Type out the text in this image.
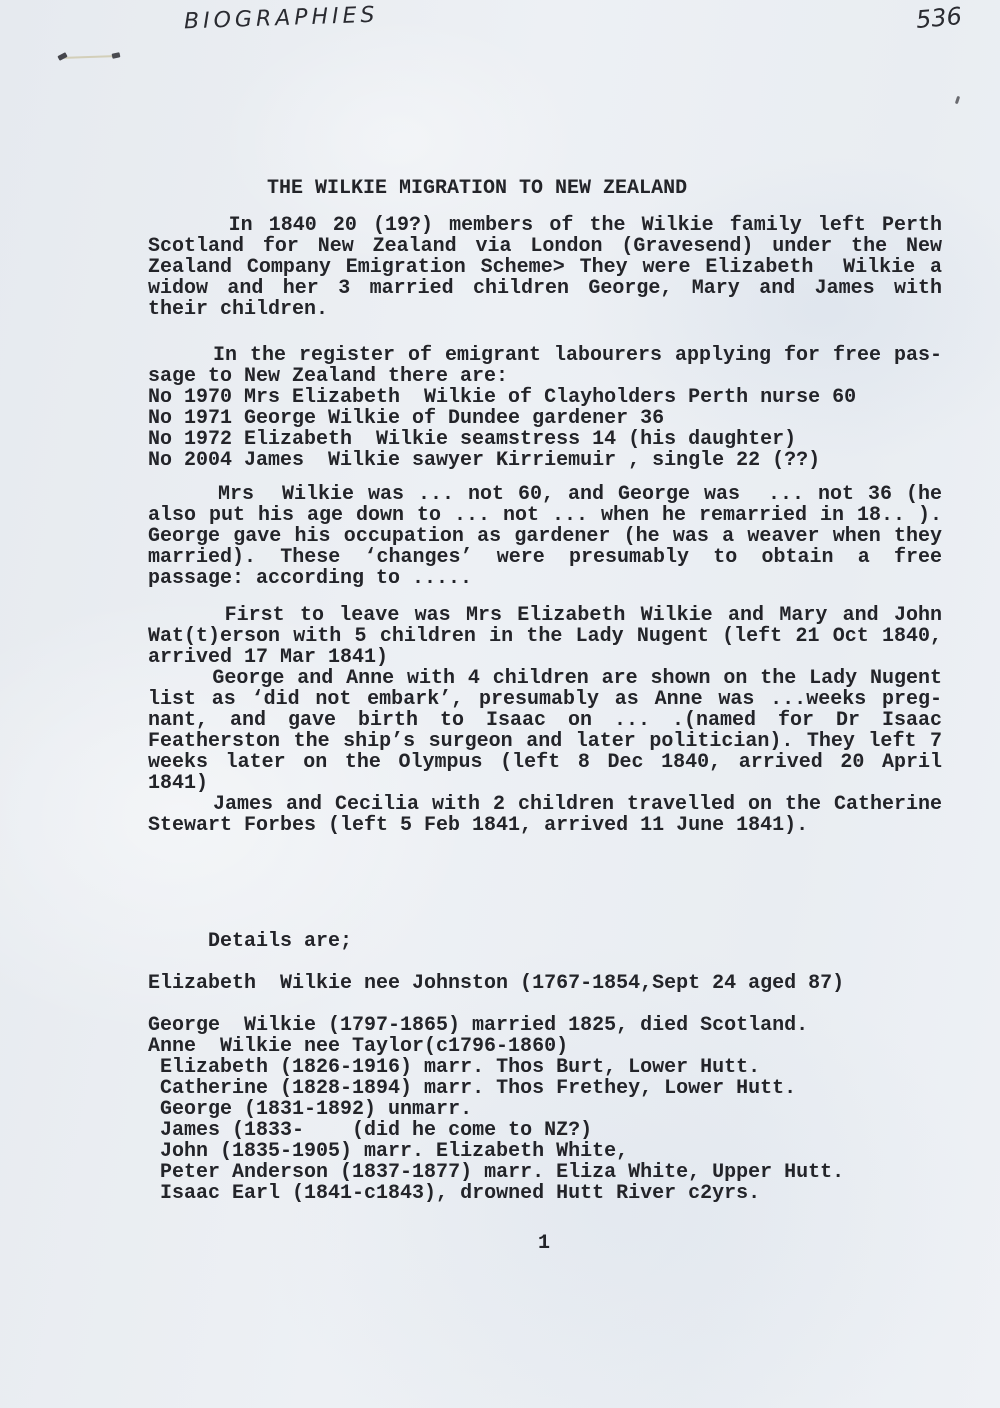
BIOGRAPHIES	536
THE WILKIE MIGRATION TO NEW ZEALAND
In 1840 20 (19?) members of the Wilkie family left Perth
Scotland for New Zealand via London (Gravesend) under the New
Zealand Company Emigration Scheme> They were Elizabeth  Wilkie a
widow and her 3 married children George, Mary and James with
their children.
In the register of emigrant labourers applying for free pas-
sage to New Zealand there are:
No 1970 Mrs Elizabeth  Wilkie of Clayholders Perth nurse 60
No 1971 George Wilkie of Dundee gardener 36
No 1972 Elizabeth  Wilkie seamstress 14 (his daughter)
No 2004 James  Wilkie sawyer Kirriemuir , single 22 (??)
Mrs  Wilkie was ... not 60, and George was  ... not 36 (he
also put his age down to ... not ... when he remarried in 18.. ).
George gave his occupation as gardener (he was a weaver when they
married). These ‘changes’ were presumably to obtain a free
passage: according to .....
First to leave was Mrs Elizabeth Wilkie and Mary and John
Wat(t)erson with 5 children in the Lady Nugent (left 21 Oct 1840,
arrived 17 Mar 1841)
George and Anne with 4 children are shown on the Lady Nugent
list as ‘did not embark’, presumably as Anne was ...weeks preg-
nant, and gave birth to Isaac on ... .(named for Dr Isaac
Featherston the ship’s surgeon and later politician). They left 7
weeks later on the Olympus (left 8 Dec 1840, arrived 20 April
1841)
James and Cecilia with 2 children travelled on the Catherine
Stewart Forbes (left 5 Feb 1841, arrived 11 June 1841).
Details are;
Elizabeth  Wilkie nee Johnston (1767-1854,Sept 24 aged 87)
George  Wilkie (1797-1865) married 1825, died Scotland.
Anne  Wilkie nee Taylor(c1796-1860)
Elizabeth (1826-1916) marr. Thos Burt, Lower Hutt.
Catherine (1828-1894) marr. Thos Frethey, Lower Hutt.
George (1831-1892) unmarr.
James (1833-    (did he come to NZ?)
John (1835-1905) marr. Elizabeth White,
Peter Anderson (1837-1877) marr. Eliza White, Upper Hutt.
Isaac Earl (1841-c1843), drowned Hutt River c2yrs.
1
